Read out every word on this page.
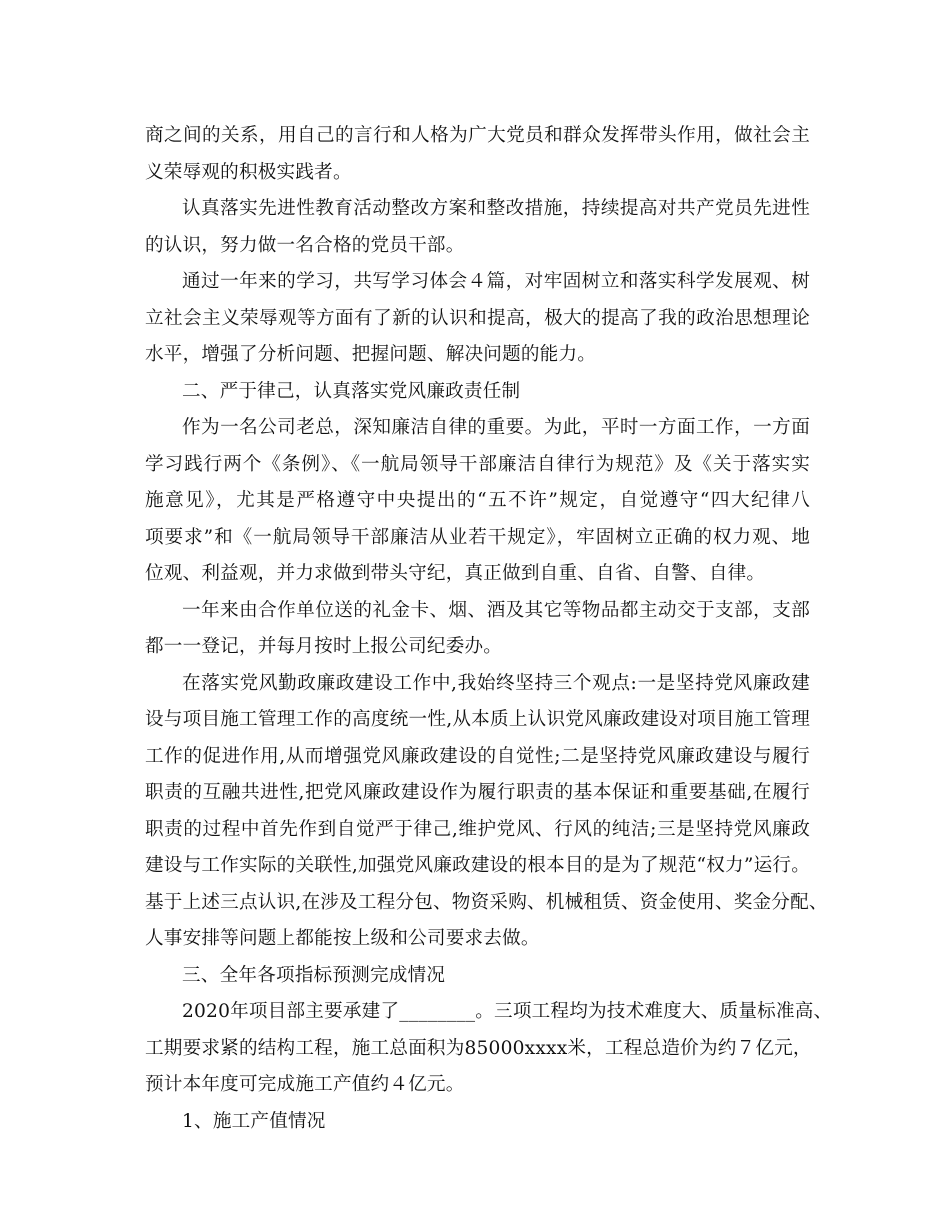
商之间的关系，用自己的言行和人格为广大党员和群众发挥带头作用，做社会主
义荣辱观的积极实践者。
认真落实先进性教育活动整改方案和整改措施，持续提高对共产党员先进性
的认识，努力做一名合格的党员干部。
通过一年来的学习，共写学习体会４篇，对牢固树立和落实科学发展观、树
立社会主义荣辱观等方面有了新的认识和提高，极大的提高了我的政治思想理论
水平，增强了分析问题、把握问题、解决问题的能力。
二、严于律己，认真落实党风廉政责任制
作为一名公司老总，深知廉洁自律的重要。为此，平时一方面工作，一方面
学习践行两个《条例》、《一航局领导干部廉洁自律行为规范》及《关于落实实
施意见》，尤其是严格遵守中央提出的“五不许”规定，自觉遵守“四大纪律八
项要求”和《一航局领导干部廉洁从业若干规定》，牢固树立正确的权力观、地
位观、利益观，并力求做到带头守纪，真正做到自重、自省、自警、自律。
一年来由合作单位送的礼金卡、烟、酒及其它等物品都主动交于支部，支部
都一一登记，并每月按时上报公司纪委办。
在落实党风勤政廉政建设工作中,我始终坚持三个观点:一是坚持党风廉政建
设与项目施工管理工作的高度统一性,从本质上认识党风廉政建设对项目施工管理
工作的促进作用,从而增强党风廉政建设的自觉性;二是坚持党风廉政建设与履行
职责的互融共进性,把党风廉政建设作为履行职责的基本保证和重要基础,在履行
职责的过程中首先作到自觉严于律己,维护党风、行风的纯洁;三是坚持党风廉政
建设与工作实际的关联性,加强党风廉政建设的根本目的是为了规范“权力”运行。
基于上述三点认识,在涉及工程分包、物资采购、机械租赁、资金使用、奖金分配、
人事安排等问题上都能按上级和公司要求去做。
三、全年各项指标预测完成情况
2020年项目部主要承建了________。三项工程均为技术难度大、质量标准高、
工期要求紧的结构工程，施工总面积为85000xxxx米，工程总造价为约７亿元，
预计本年度可完成施工产值约４亿元。
1、施工产值情况
